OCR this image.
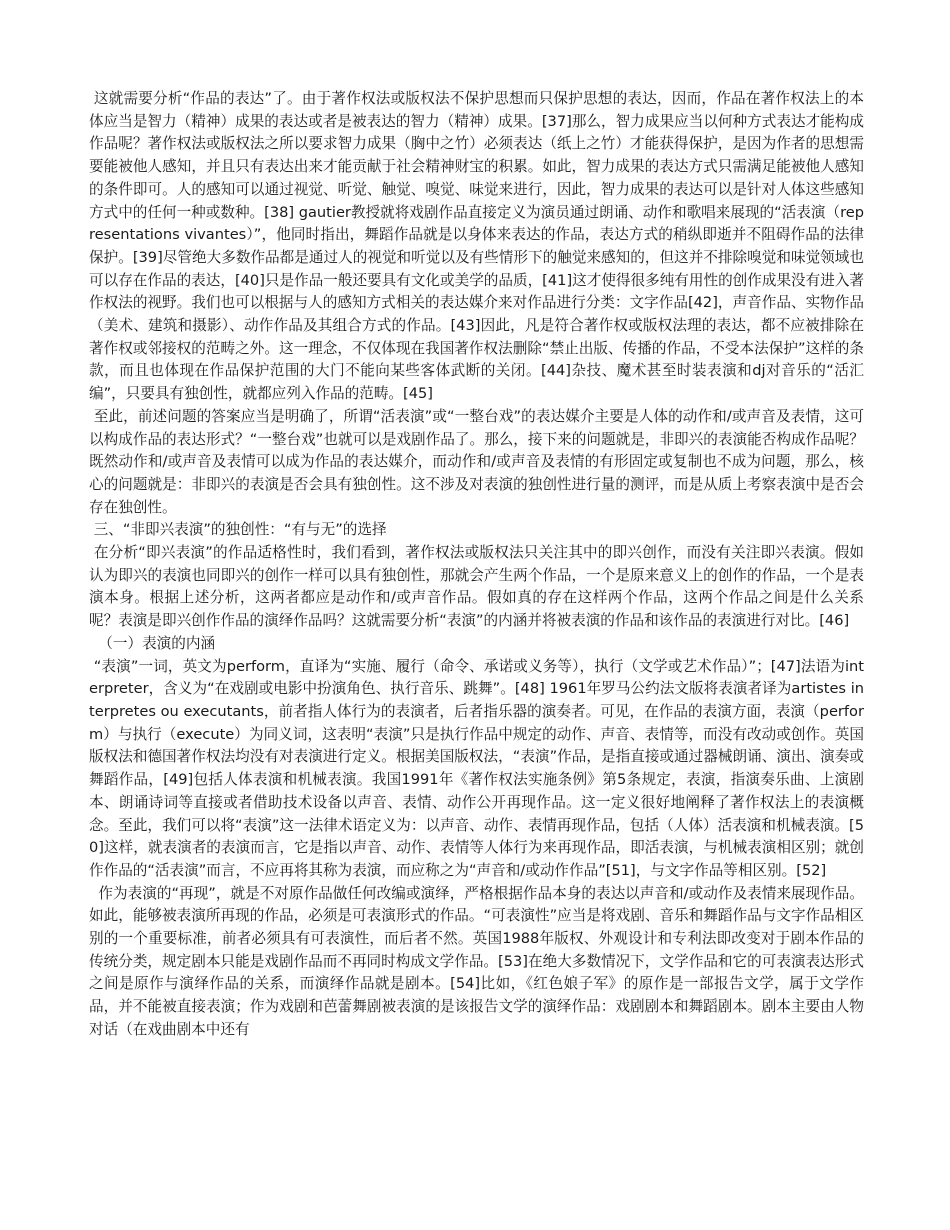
这就需要分析“作品的表达”了。由于著作权法或版权法不保护思想而只保护思想的表达，因而，作品在著作权法上的本体应当是智力（精神）成果的表达或者是被表达的智力（精神）成果。[37]那么，智力成果应当以何种方式表达才能构成作品呢？著作权法或版权法之所以要求智力成果（胸中之竹）必须表达（纸上之竹）才能获得保护，是因为作者的思想需要能被他人感知，并且只有表达出来才能贡献于社会精神财宝的积累。如此，智力成果的表达方式只需满足能被他人感知的条件即可。人的感知可以通过视觉、听觉、触觉、嗅觉、味觉来进行，因此，智力成果的表达可以是针对人体这些感知方式中的任何一种或数种。[38] gautier教授就将戏剧作品直接定义为演员通过朗诵、动作和歌唱来展现的“活表演（representations vivantes）”，他同时指出，舞蹈作品就是以身体来表达的作品，表达方式的稍纵即逝并不阻碍作品的法律保护。[39]尽管绝大多数作品都是通过人的视觉和听觉以及有些情形下的触觉来感知的，但这并不排除嗅觉和味觉领域也可以存在作品的表达，[40]只是作品一般还要具有文化或美学的品质，[41]这才使得很多纯有用性的创作成果没有进入著作权法的视野。我们也可以根据与人的感知方式相关的表达媒介来对作品进行分类：文字作品[42]，声音作品、实物作品（美术、建筑和摄影）、动作作品及其组合方式的作品。[43]因此，凡是符合著作权或版权法理的表达，都不应被排除在著作权或邻接权的范畴之外。这一理念，不仅体现在我国著作权法删除“禁止出版、传播的作品，不受本法保护”这样的条款，而且也体现在作品保护范围的大门不能向某些客体武断的关闭。[44]杂技、魔术甚至时装表演和dj对音乐的“活汇编”，只要具有独创性，就都应列入作品的范畴。[45]

至此，前述问题的答案应当是明确了，所谓“活表演”或“一整台戏”的表达媒介主要是人体的动作和/或声音及表情，这可以构成作品的表达形式？“一整台戏”也就可以是戏剧作品了。那么，接下来的问题就是，非即兴的表演能否构成作品呢？既然动作和/或声音及表情可以成为作品的表达媒介，而动作和/或声音及表情的有形固定或复制也不成为问题，那么，核心的问题就是：非即兴的表演是否会具有独创性。这不涉及对表演的独创性进行量的测评，而是从质上考察表演中是否会存在独创性。

三、“非即兴表演”的独创性：“有与无”的选择

在分析“即兴表演”的作品适格性时，我们看到，著作权法或版权法只关注其中的即兴创作，而没有关注即兴表演。假如认为即兴的表演也同即兴的创作一样可以具有独创性，那就会产生两个作品，一个是原来意义上的创作的作品，一个是表演本身。根据上述分析，这两者都应是动作和/或声音作品。假如真的存在这样两个作品，这两个作品之间是什么关系呢？表演是即兴创作作品的演绎作品吗？这就需要分析“表演”的内涵并将被表演的作品和该作品的表演进行对比。[46]

（一）表演的内涵

“表演”一词，英文为perform，直译为“实施、履行（命令、承诺或义务等），执行（文学或艺术作品）”；[47]法语为interpreter，含义为“在戏剧或电影中扮演角色、执行音乐、跳舞”。[48] 1961年罗马公约法文版将表演者译为artistes interpretes ou executants，前者指人体行为的表演者，后者指乐器的演奏者。可见，在作品的表演方面，表演（perform）与执行（execute）为同义词，这表明“表演”只是执行作品中规定的动作、声音、表情等，而没有改动或创作。英国版权法和德国著作权法均没有对表演进行定义。根据美国版权法，“表演”作品，是指直接或通过器械朗诵、演出、演奏或舞蹈作品，[49]包括人体表演和机械表演。我国1991年《著作权法实施条例》第5条规定，表演，指演奏乐曲、上演剧本、朗诵诗词等直接或者借助技术设备以声音、表情、动作公开再现作品。这一定义很好地阐释了著作权法上的表演概念。至此，我们可以将“表演”这一法律术语定义为：以声音、动作、表情再现作品，包括（人体）活表演和机械表演。[50]这样，就表演者的表演而言，它是指以声音、动作、表情等人体行为来再现作品，即活表演，与机械表演相区别；就创作作品的“活表演”而言，不应再将其称为表演，而应称之为“声音和/或动作作品”[51]，与文字作品等相区别。[52]

作为表演的“再现”，就是不对原作品做任何改编或演绎，严格根据作品本身的表达以声音和/或动作及表情来展现作品。如此，能够被表演所再现的作品，必须是可表演形式的作品。“可表演性”应当是将戏剧、音乐和舞蹈作品与文字作品相区别的一个重要标准，前者必须具有可表演性，而后者不然。英国1988年版权、外观设计和专利法即改变对于剧本作品的传统分类，规定剧本只能是戏剧作品而不再同时构成文学作品。[53]在绝大多数情况下，文学作品和它的可表演表达形式之间是原作与演绎作品的关系，而演绎作品就是剧本。[54]比如，《红色娘子军》的原作是一部报告文学，属于文学作品，并不能被直接表演；作为戏剧和芭蕾舞剧被表演的是该报告文学的演绎作品：戏剧剧本和舞蹈剧本。剧本主要由人物对话（在戏曲剧本中还有
